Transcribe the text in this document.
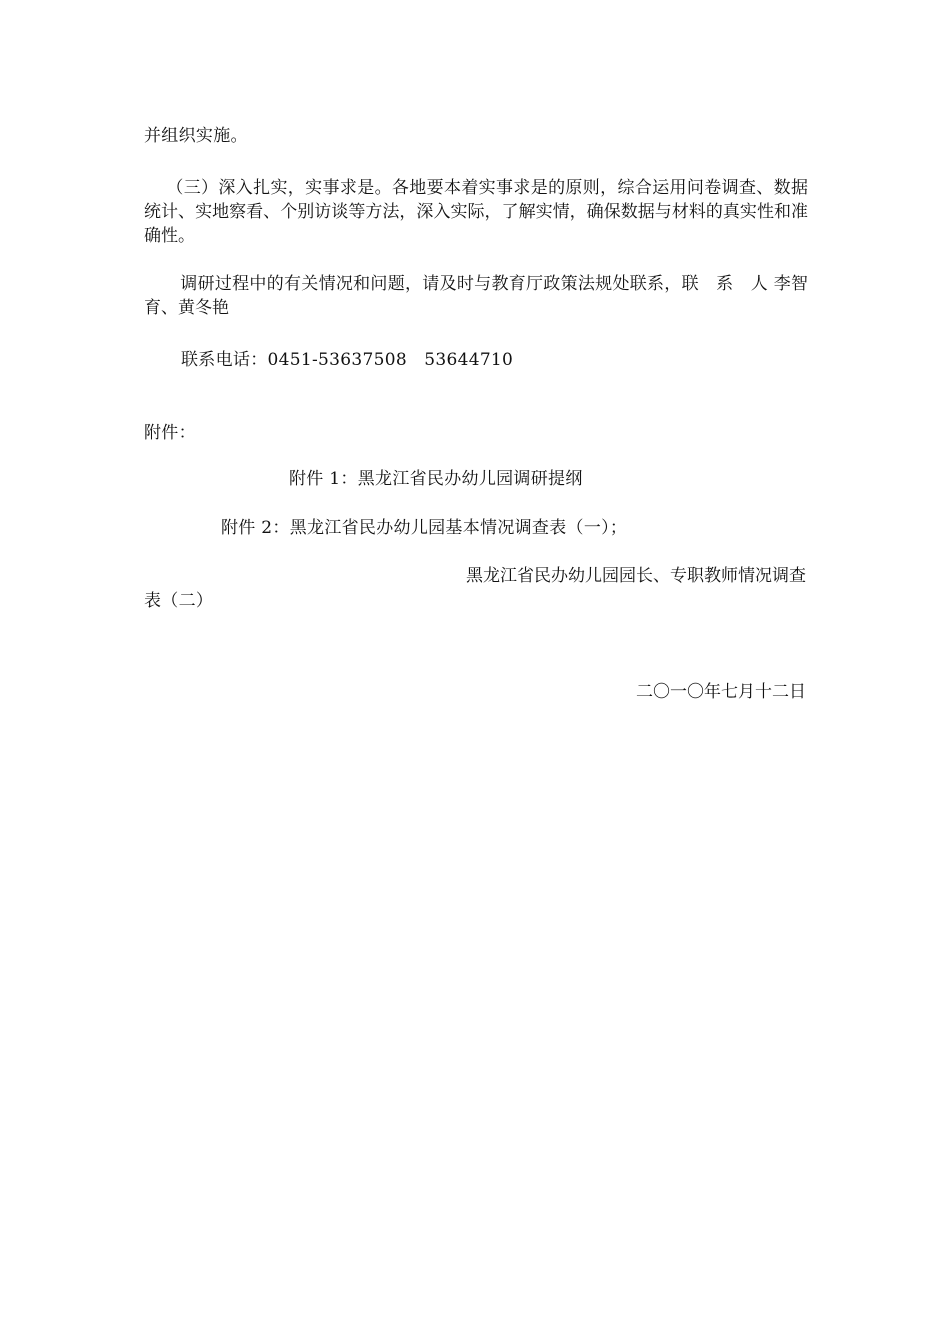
并组织实施。
（三）深入扎实，实事求是。各地要本着实事求是的原则，综合运用问卷调查、数据统计、实地察看、个别访谈等方法，深入实际，了解实情，确保数据与材料的真实性和准确性。
调研过程中的有关情况和问题，请及时与教育厅政策法规处联系，联　系　人 李智育、黄冬艳
联系电话：0451-53637508　53644710
附件：
附件 1：黑龙江省民办幼儿园调研提纲
附件 2：黑龙江省民办幼儿园基本情况调查表（一）；
黑龙江省民办幼儿园园长、专职教师情况调查
表（二）
二〇一〇年七月十二日
